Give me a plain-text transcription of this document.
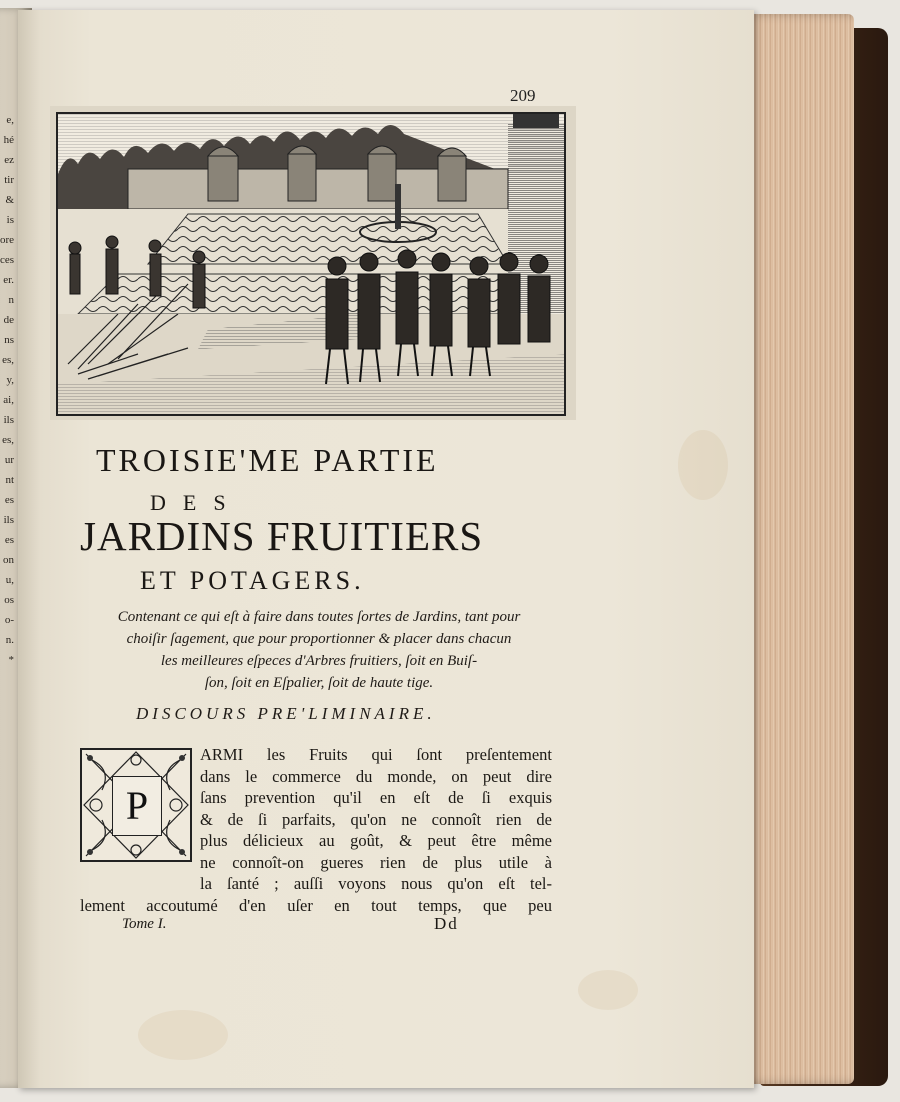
e,
hé
ez
tir
&
is
ore
ces
er.
n
de
ns
es,
y,
ai,
ils
es,
ur
nt
es
ils
es
on
u,
os
o-
n.
*
209
TROISIE'ME PARTIE
DES
JARDINS FRUITIERS
ET POTAGERS.
Contenant ce qui eſt à faire dans toutes ſortes de Jardins, tant pour
choiſir ſagement, que pour proportionner & placer dans chacun
les meilleures eſpeces d'Arbres fruitiers, ſoit en Buiſ-
ſon, ſoit en Eſpalier, ſoit de haute tige.
DISCOURS PRE'LIMINAIRE.
P
ARMI les Fruits qui ſont preſentement
dans le commerce du monde, on peut dire
ſans prevention qu'il en eſt de ſi exquis
& de ſi parfaits, qu'on ne connoît rien de
plus délicieux au goût, & peut être même
ne connoît-on gueres rien de plus utile à
la ſanté ; auſſi voyons nous qu'on eſt tel-
lement accoutumé d'en uſer en tout temps, que peu
Tome I.	Dd
